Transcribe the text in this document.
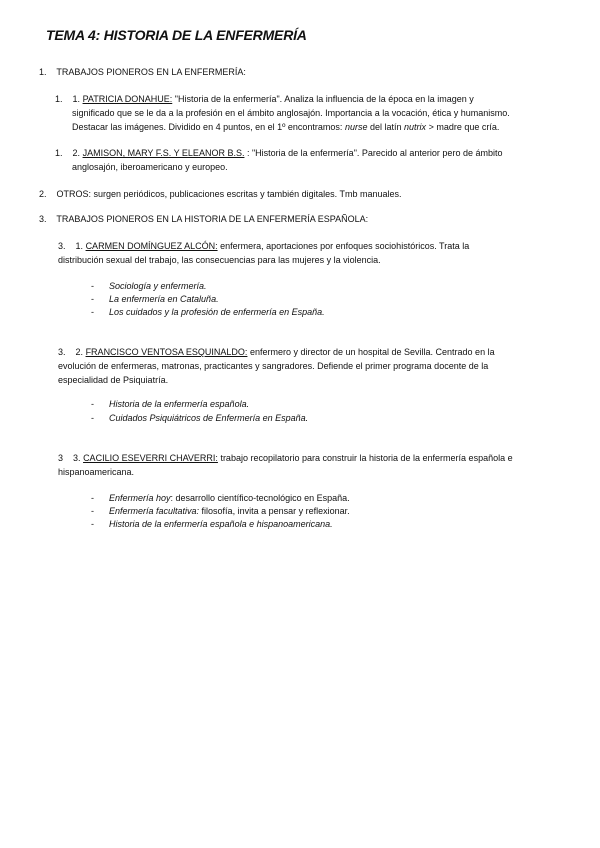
TEMA 4: HISTORIA DE LA ENFERMERÍA
1. TRABAJOS PIONEROS EN LA ENFERMERÍA:
1. 1. PATRICIA DONAHUE: "Historia de la enfermería". Analiza la influencia de la época en la imagen y
significado que se le da a la profesión en el ámbito anglosajón. Importancia a la vocación, ética y humanismo.
Destacar las imágenes. Dividido en 4 puntos, en el 1º encontramos: nurse del latín nutrix > madre que cría.
1. 2. JAMISON, MARY F.S. Y ELEANOR B.S. : "Historia de la enfermería". Parecido al anterior pero de ámbito
anglosajón, iberoamericano y europeo.
2. OTROS: surgen periódicos, publicaciones escritas y también digitales. Tmb manuales.
3. TRABAJOS PIONEROS EN LA HISTORIA DE LA ENFERMERÍA ESPAÑOLA:
3. 1. CARMEN DOMÍNGUEZ ALCÓN: enfermera, aportaciones por enfoques sociohistóricos. Trata la
distribución sexual del trabajo, las consecuencias para las mujeres y la violencia.
- Sociología y enfermería.
- La enfermería en Cataluña.
- Los cuidados y la profesión de enfermería en España.
3. 2. FRANCISCO VENTOSA ESQUINALDO: enfermero y director de un hospital de Sevilla. Centrado en la
evolución de enfermeras, matronas, practicantes y sangradores. Defiende el primer programa docente de la
especialidad de Psiquiatría.
- Historia de la enfermería española.
- Cuidados Psiquiátricos de Enfermería en España.
3 3. CACILIO ESEVERRI CHAVERRI: trabajo recopilatorio para construir la historia de la enfermería española e
hispanoamericana.
- Enfermería hoy: desarrollo científico-tecnológico en España.
- Enfermería facultativa: filosofía, invita a pensar y reflexionar.
- Historia de la enfermería española e hispanoamericana.
